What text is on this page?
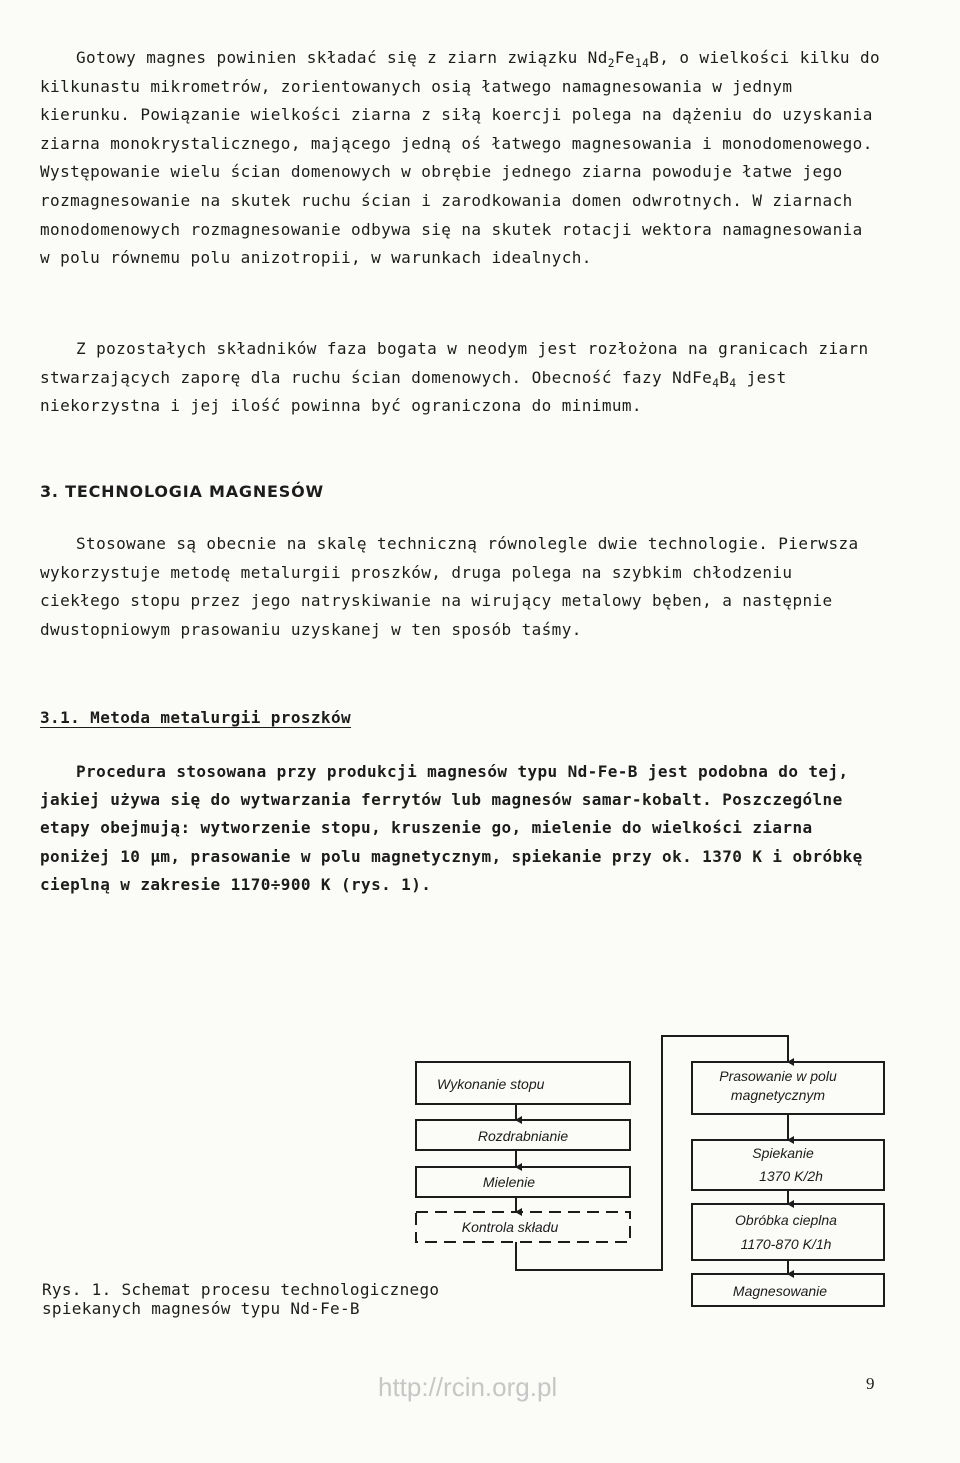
Gotowy magnes powinien składać się z ziarn związku $Nd_2Fe_{14}B$, o wielkości kilku do kilkunastu mikrometrów, zorientowanych osią łatwego namagnesowania w jednym kierunku. Powiązanie wielkości ziarna z siłą koercji polega na dążeniu do uzyskania ziarna monokrystalicznego, mającego jedną oś łatwego magnesowania i monodomenowego. Występowanie wielu ścian domenowych w obrębie jednego ziarna powoduje łatwe jego rozmagnesowanie na skutek ruchu ścian i zarodkowania domen odwrotnych. W ziarnach monodomenowych rozmagnesowanie odbywa się na skutek rotacji wektora namagnesowania w polu równemu polu anizotropii, w warunkach idealnych.

Z pozostałych składników faza bogata w neodym jest rozłożona na granicach ziarn stwarzających zaporę dla ruchu ścian domenowych. Obecność fazy $NdFe_4B_4$ jest niekorzystna i jej ilość powinna być ograniczona do minimum.

3. TECHNOLOGIA MAGNESÓW

Stosowane są obecnie na skalę techniczną równolegle dwie technologie. Pierwsza wykorzystuje metodę metalurgii proszków, druga polega na szybkim chłodzeniu ciekłego stopu przez jego natryskiwanie na wirujący metalowy bęben, a następnie dwustopniowym prasowaniu uzyskanej w ten sposób taśmy.

3.1. Metoda metalurgii proszków

Procedura stosowana przy produkcji magnesów typu Nd-Fe-B jest podobna do tej, jakiej używa się do wytwarzania ferrytów lub magnesów samar-kobalt. Poszczególne etapy obejmują: wytworzenie stopu, kruszenie go, mielenie do wielkości ziarna poniżej 10 µm, prasowanie w polu magnetycznym, spiekanie przy ok. 1370 K i obróbkę cieplną w zakresie 1170÷900 K (rys. 1).

Wykonanie stopu
Rozdrabnianie
Mielenie
Kontrola składu
Prasowanie w polu
magnetycznym
Spiekanie
1370 K/2h
Obróbka cieplna
1170-870 K/1h
Magnesowanie
Rys. 1. Schemat procesu technologicznego spiekanych magnesów typu Nd-Fe-B
http://rcin.org.pl	9
